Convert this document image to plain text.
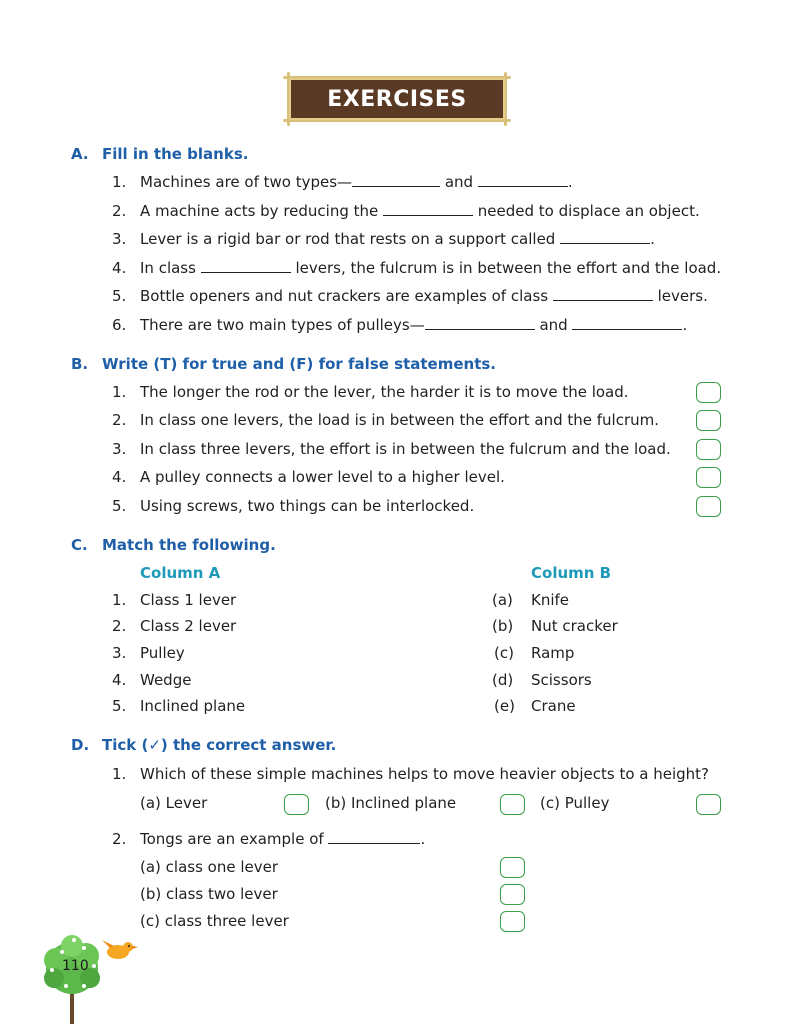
EXERCISES
A. Fill in the blanks.
1. Machines are of two types—	and	.
2. A machine acts by reducing the	needed to displace an object.
3. Lever is a rigid bar or rod that rests on a support called	.
4. In class	levers, the fulcrum is in between the effort and the load.
5. Bottle openers and nut crackers are examples of class	levers.
6. There are two main types of pulleys—	and	.
B. Write (T) for true and (F) for false statements.
1. The longer the rod or the lever, the harder it is to move the load.
2. In class one levers, the load is in between the effort and the fulcrum.
3. In class three levers, the effort is in between the fulcrum and the load.
4. A pulley connects a lower level to a higher level.
5. Using screws, two things can be interlocked.
C. Match the following.
Column A	Column B
1. Class 1 lever	(a) Knife
2. Class 2 lever	(b) Nut cracker
3. Pulley	(c) Ramp
4. Wedge	(d) Scissors
5. Inclined plane	(e) Crane
D. Tick (✓) the correct answer.
1. Which of these simple machines helps to move heavier objects to a height?
(a) Lever	(b) Inclined plane	(c) Pulley
2. Tongs are an example of	.
(a) class one lever
(b) class two lever
(c) class three lever
110
